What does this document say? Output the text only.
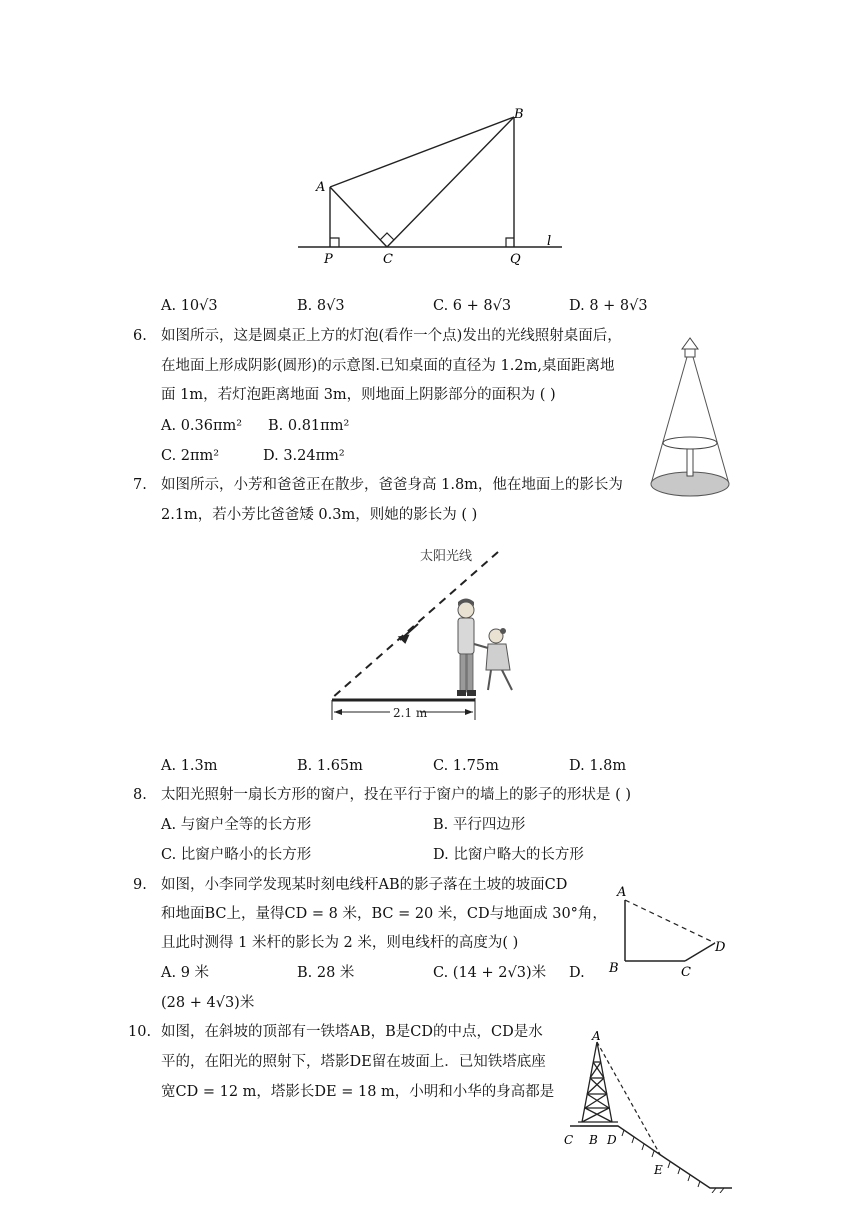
A
B
P	C	Q
l
A. 10√3	B. 8√3	C. 6 + 8√3	D. 8 + 8√3
6. 如图所示，这是圆桌正上方的灯泡(看作一个点)发出的光线照射桌面后，
在地面上形成阴影(圆形)的示意图.已知桌面的直径为 1.2m,桌面距离地
面 1m，若灯泡距离地面 3m，则地面上阴影部分的面积为 ( )
A. 0.36πm² B. 0.81πm²
C. 2πm²	D. 3.24πm²
7. 如图所示，小芳和爸爸正在散步，爸爸身高 1.8m，他在地面上的影长为
2.1m，若小芳比爸爸矮 0.3m，则她的影长为 ( )
太阳光线
2.1 m
A. 1.3m	B. 1.65m	C. 1.75m	D. 1.8m
8. 太阳光照射一扇长方形的窗户，投在平行于窗户的墙上的影子的形状是 ( )
A. 与窗户全等的长方形	B. 平行四边形
C. 比窗户略小的长方形	D. 比窗户略大的长方形
9. 如图，小李同学发现某时刻电线杆AB的影子落在土坡的坡面CD
和地面BC上，量得CD = 8 米，BC = 20 米，CD与地面成 30°角，
且此时测得 1 米杆的影长为 2 米，则电线杆的高度为( )
A. 9 米	B. 28 米	C. (14 + 2√3)米 D.
(28 + 4√3)米
A
B	C
D
10. 如图，在斜坡的顶部有一铁塔AB，B是CD的中点，CD是水
平的，在阳光的照射下，塔影DE留在坡面上．已知铁塔底座
宽CD = 12 m，塔影长DE = 18 m，小明和小华的身高都是
A
C B D
E
